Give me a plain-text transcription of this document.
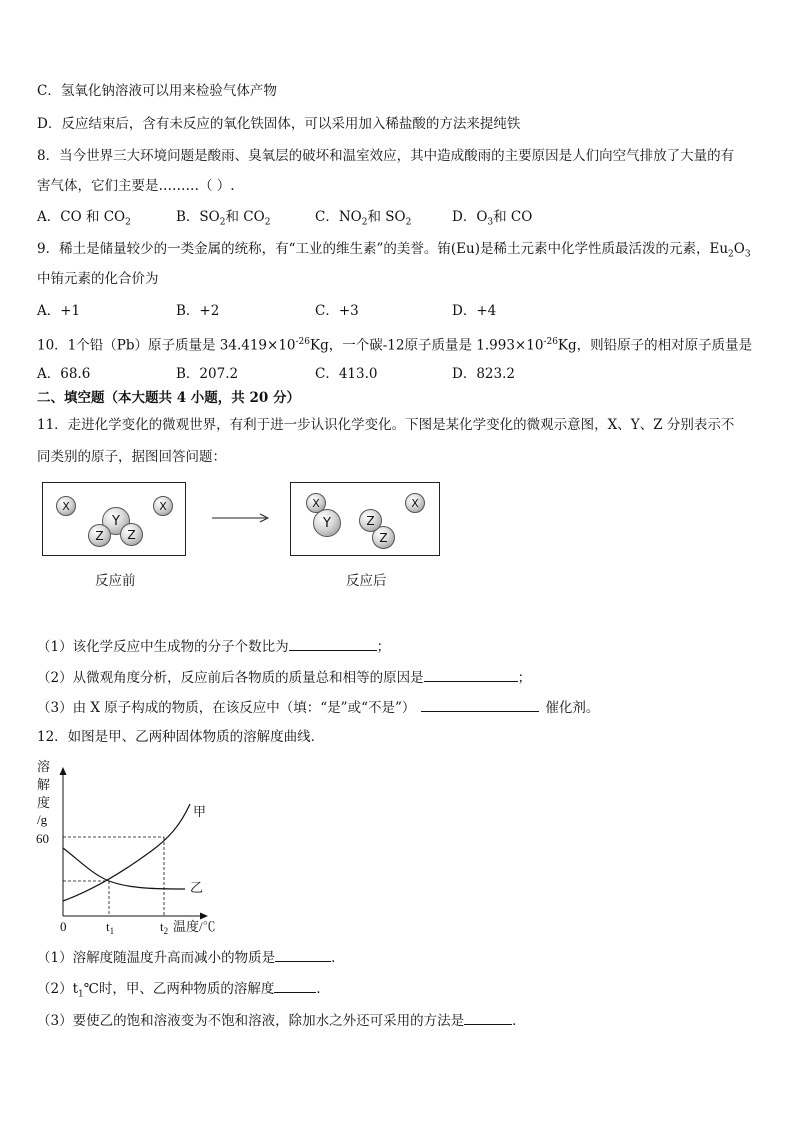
C．氢氧化钠溶液可以用来检验气体产物
D．反应结束后，含有未反应的氧化铁固体，可以采用加入稀盐酸的方法来提纯铁
8．当今世界三大环境问题是酸雨、臭氧层的破坏和温室效应，其中造成酸雨的主要原因是人们向空气排放了大量的有
害气体，它们主要是………（ ）.
A．CO 和 $CO_2$	B．$SO_2$和 $CO_2$	C．$NO_2$和 $SO_2$	D．$O_3$和 CO
9．稀土是储量较少的一类金属的统称，有“工业的维生素”的美誉。铕(Eu)是稀土元素中化学性质最活泼的元素，$Eu_2O_3$
中铕元素的化合价为
A．+1	B．+2	C．+3	D．+4
10．1个铅（Pb）原子质量是 $34.419\times 10^{-26}Kg$，一个碳-12原子质量是 $1.993\times 10^{-26}Kg$，则铅原子的相对原子质量是
A．68.6	B．207.2	C．413.0	D．823.2
二、填空题（本大题共 4 小题，共 20 分）
11．走进化学变化的微观世界，有利于进一步认识化学变化。下图是某化学变化的微观示意图，X、Y、Z 分别表示不
同类别的原子，据图回答问题：
X	X
Y
Z	Z
X
Y	Z
Z
X
反应前	反应后
（1）该化学反应中生成物的分子个数比为	；
（2）从微观角度分析，反应前后各物质的质量总和相等的原因是	；
（3）由 X 原子构成的物质，在该反应中（填：“是”或“不是”）	催化剂。
12．如图是甲、乙两种固体物质的溶解度曲线．
溶
解
度
/g
60
0	$t_1$	$t_2$ 温度/℃
甲
乙
（1）溶解度随温度升高而减小的物质是	．
$(2)t_1℃$时，甲、乙两种物质的溶解度	．
（3）要使乙的饱和溶液变为不饱和溶液，除加水之外还可采用的方法是	．
